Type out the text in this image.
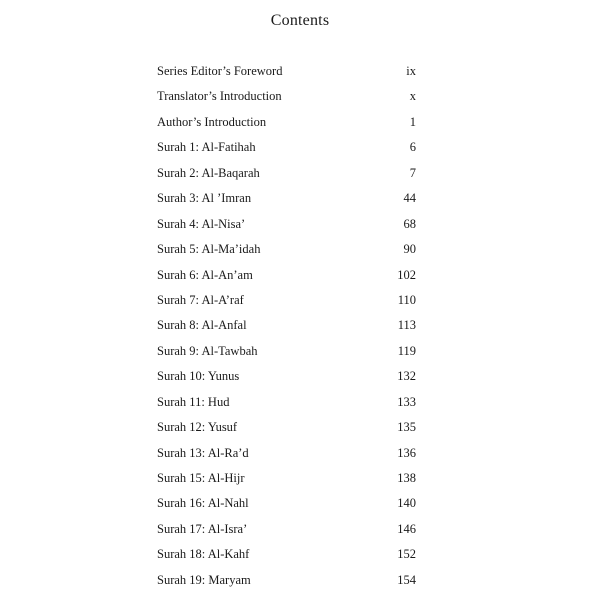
Contents
Series Editor’s Foreword	ix
Translator’s Introduction	x
Author’s Introduction	1
Surah 1: Al-Fatihah	6
Surah 2: Al-Baqarah	7
Surah 3: Al ’Imran	44
Surah 4: Al-Nisa’	68
Surah 5: Al-Ma’idah	90
Surah 6: Al-An’am	102
Surah 7: Al-A’raf	110
Surah 8: Al-Anfal	113
Surah 9: Al-Tawbah	119
Surah 10: Yunus	132
Surah 11: Hud	133
Surah 12: Yusuf	135
Surah 13: Al-Ra’d	136
Surah 15: Al-Hijr	138
Surah 16: Al-Nahl	140
Surah 17: Al-Isra’	146
Surah 18: Al-Kahf	152
Surah 19: Maryam	154
